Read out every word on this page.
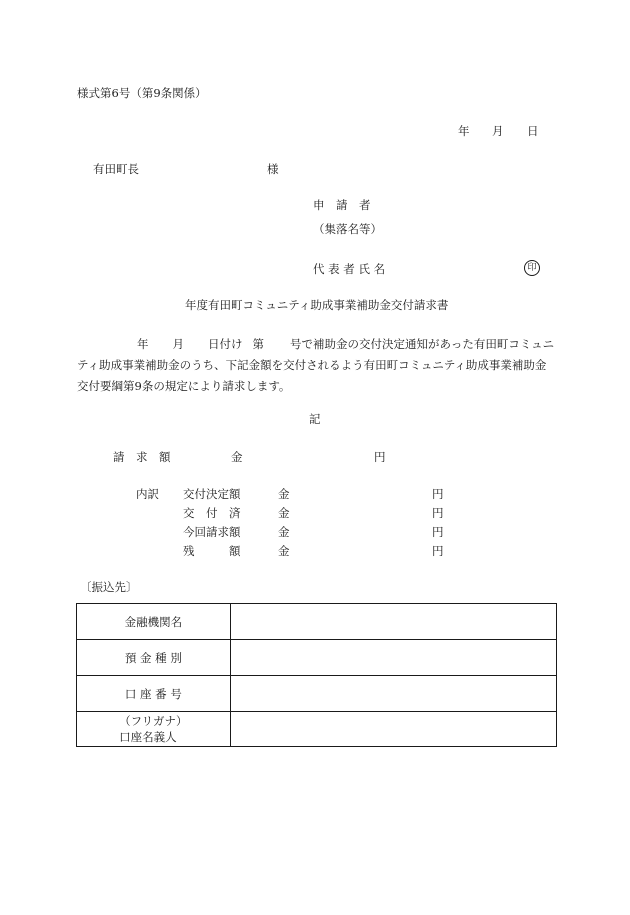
様式第6号（第9条関係）
年 月 日
有田町長	様
申　請　者
（集落名等）
代 表 者 氏 名	印
年度有田町コミュニティ助成事業補助金交付請求書
年 月 日付け 第 号で補助金の交付決定通知があった有田町コミュニティ助成事業補助金のうち、下記金額を交付されるよう有田町コミュニティ助成事業補助金交付要綱第9条の規定により請求します。
記
請　求　額	金	円
内訳 交付決定額	金	円
交　付　済	金	円
今回請求額	金	円
残　　　額	金	円
〔振込先〕
金融機関名	
預 金 種 別	
口 座 番 号	
（フリガナ）
口座名義人	
